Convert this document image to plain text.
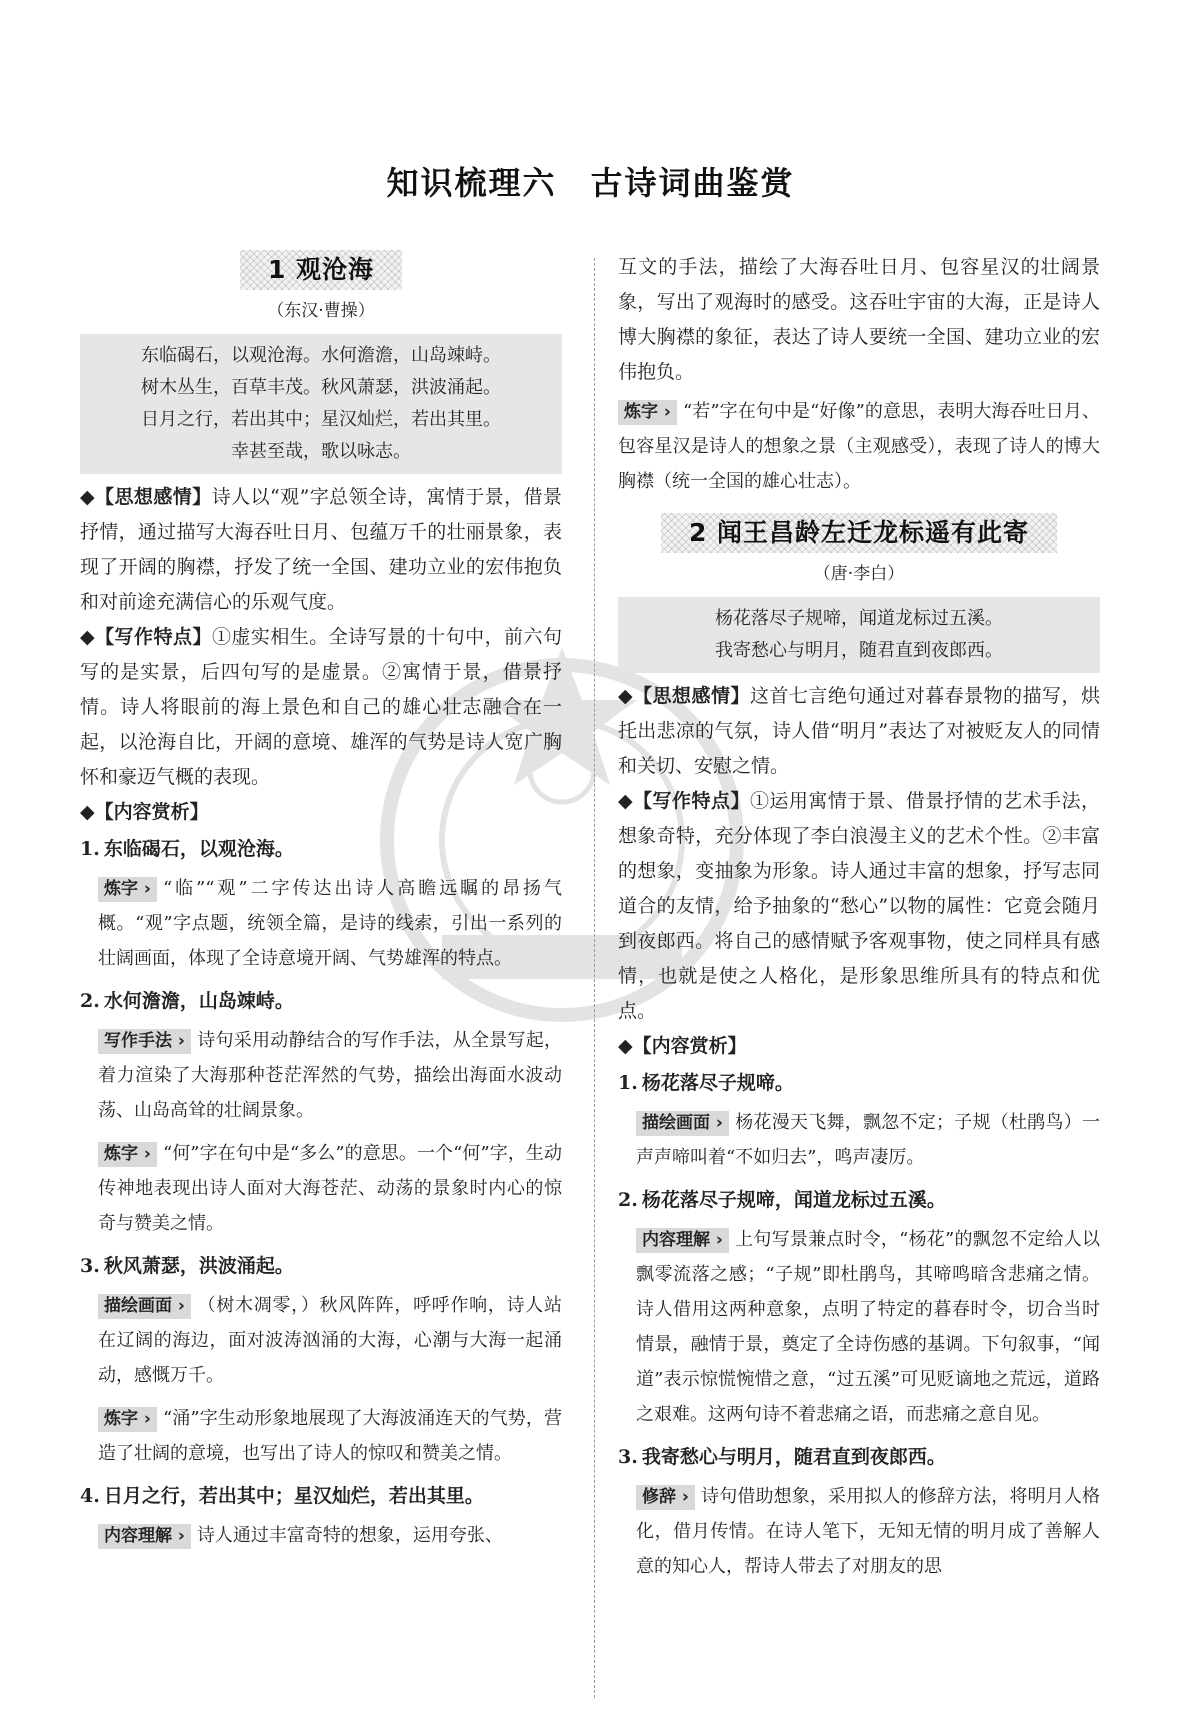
知识梳理六　古诗词曲鉴赏
1 观沧海
（东汉·曹操）
东临碣石，以观沧海。水何澹澹，山岛竦峙。
树木丛生，百草丰茂。秋风萧瑟，洪波涌起。
日月之行，若出其中；星汉灿烂，若出其里。
幸甚至哉，歌以咏志。

◆【思想感情】诗人以“观”字总领全诗，寓情于景，借景抒情，通过描写大海吞吐日月、包蕴万千的壮丽景象，表现了开阔的胸襟，抒发了统一全国、建功立业的宏伟抱负和对前途充满信心的乐观气度。

◆【写作特点】①虚实相生。全诗写景的十句中，前六句写的是实景，后四句写的是虚景。②寓情于景，借景抒情。诗人将眼前的海上景色和自己的雄心壮志融合在一起，以沧海自比，开阔的意境、雄浑的气势是诗人宽广胸怀和豪迈气概的表现。

◆【内容赏析】

1. 东临碣石，以观沧海。

炼字 › “临”“观”二字传达出诗人高瞻远瞩的昂扬气概。“观”字点题，统领全篇，是诗的线索，引出一系列的壮阔画面，体现了全诗意境开阔、气势雄浑的特点。

2. 水何澹澹，山岛竦峙。

写作手法 › 诗句采用动静结合的写作手法，从全景写起，着力渲染了大海那种苍茫浑然的气势，描绘出海面水波动荡、山岛高耸的壮阔景象。

炼字 › “何”字在句中是“多么”的意思。一个“何”字，生动传神地表现出诗人面对大海苍茫、动荡的景象时内心的惊奇与赞美之情。

3. 秋风萧瑟，洪波涌起。

描绘画面 › （树木凋零，）秋风阵阵，呼呼作响，诗人站在辽阔的海边，面对波涛汹涌的大海，心潮与大海一起涌动，感慨万千。

炼字 › “涌”字生动形象地展现了大海波涌连天的气势，营造了壮阔的意境，也写出了诗人的惊叹和赞美之情。

4. 日月之行，若出其中；星汉灿烂，若出其里。

内容理解 › 诗人通过丰富奇特的想象，运用夸张、

互文的手法，描绘了大海吞吐日月、包容星汉的壮阔景象，写出了观海时的感受。这吞吐宇宙的大海，正是诗人博大胸襟的象征，表达了诗人要统一全国、建功立业的宏伟抱负。

炼字 › “若”字在句中是“好像”的意思，表明大海吞吐日月、包容星汉是诗人的想象之景（主观感受），表现了诗人的博大胸襟（统一全国的雄心壮志）。

2 闻王昌龄左迁龙标遥有此寄
（唐·李白）
杨花落尽子规啼，闻道龙标过五溪。
我寄愁心与明月，随君直到夜郎西。

◆【思想感情】这首七言绝句通过对暮春景物的描写，烘托出悲凉的气氛，诗人借“明月”表达了对被贬友人的同情和关切、安慰之情。

◆【写作特点】①运用寓情于景、借景抒情的艺术手法，想象奇特，充分体现了李白浪漫主义的艺术个性。②丰富的想象，变抽象为形象。诗人通过丰富的想象，抒写志同道合的友情，给予抽象的“愁心”以物的属性：它竟会随月到夜郎西。将自己的感情赋予客观事物，使之同样具有感情，也就是使之人格化，是形象思维所具有的特点和优点。

◆【内容赏析】

1. 杨花落尽子规啼。

描绘画面 › 杨花漫天飞舞，飘忽不定；子规（杜鹃鸟）一声声啼叫着“不如归去”，鸣声凄厉。

2. 杨花落尽子规啼，闻道龙标过五溪。

内容理解 › 上句写景兼点时令，“杨花”的飘忽不定给人以飘零流落之感；“子规”即杜鹃鸟，其啼鸣暗含悲痛之情。诗人借用这两种意象，点明了特定的暮春时令，切合当时情景，融情于景，奠定了全诗伤感的基调。下句叙事，“闻道”表示惊慌惋惜之意，“过五溪”可见贬谪地之荒远，道路之艰难。这两句诗不着悲痛之语，而悲痛之意自见。

3. 我寄愁心与明月，随君直到夜郎西。

修辞 › 诗句借助想象，采用拟人的修辞方法，将明月人格化，借月传情。在诗人笔下，无知无情的明月成了善解人意的知心人，帮诗人带去了对朋友的思
